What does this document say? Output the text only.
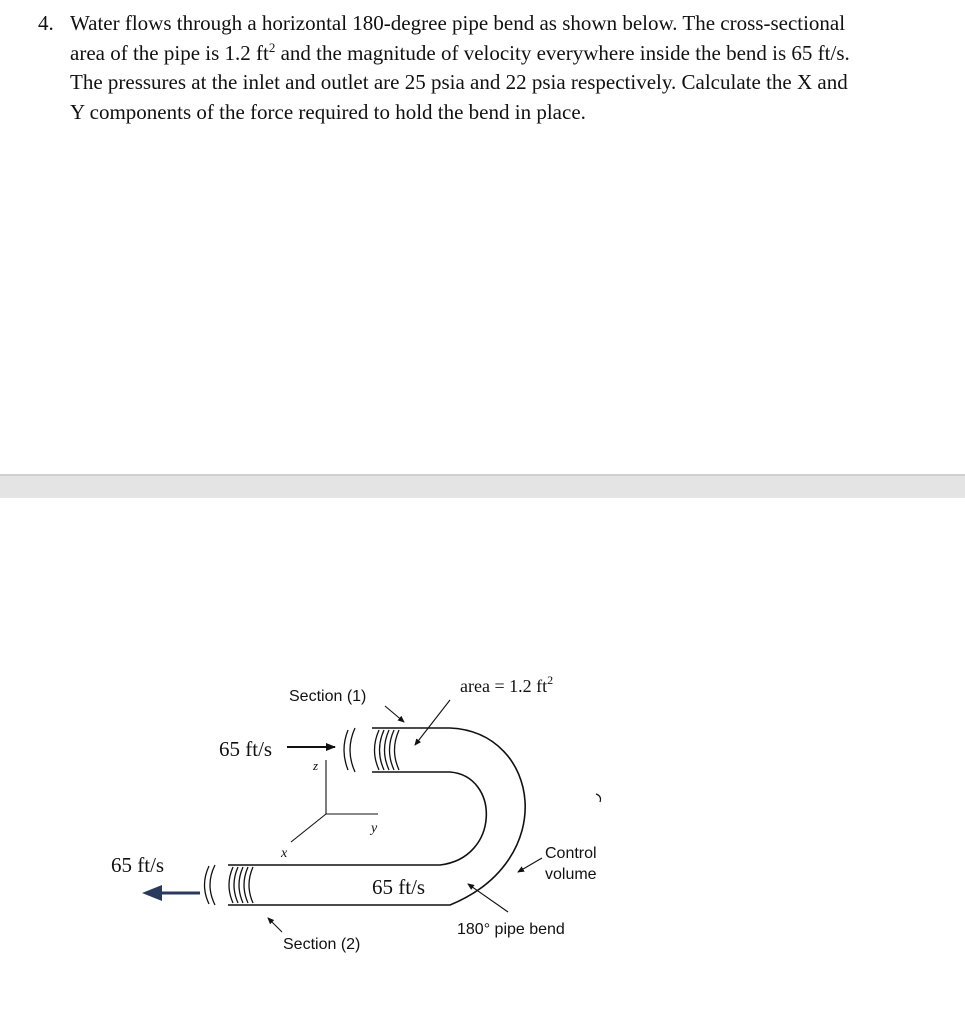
4. Water flows through a horizontal 180-degree pipe bend as shown below. The cross-sectional
area of the pipe is 1.2 $ft^2$ and the magnitude of velocity everywhere inside the bend is 65 ft/s.
The pressures at the inlet and outlet are 25 psia and 22 psia respectively. Calculate the X and
Y components of the force required to hold the bend in place.
Section (1)
area = 1.2 $ft^2$
65 ft/s
65 ft/s
65 ft/s
z
y
x	Control
volume
180° pipe bend
Section (2)
